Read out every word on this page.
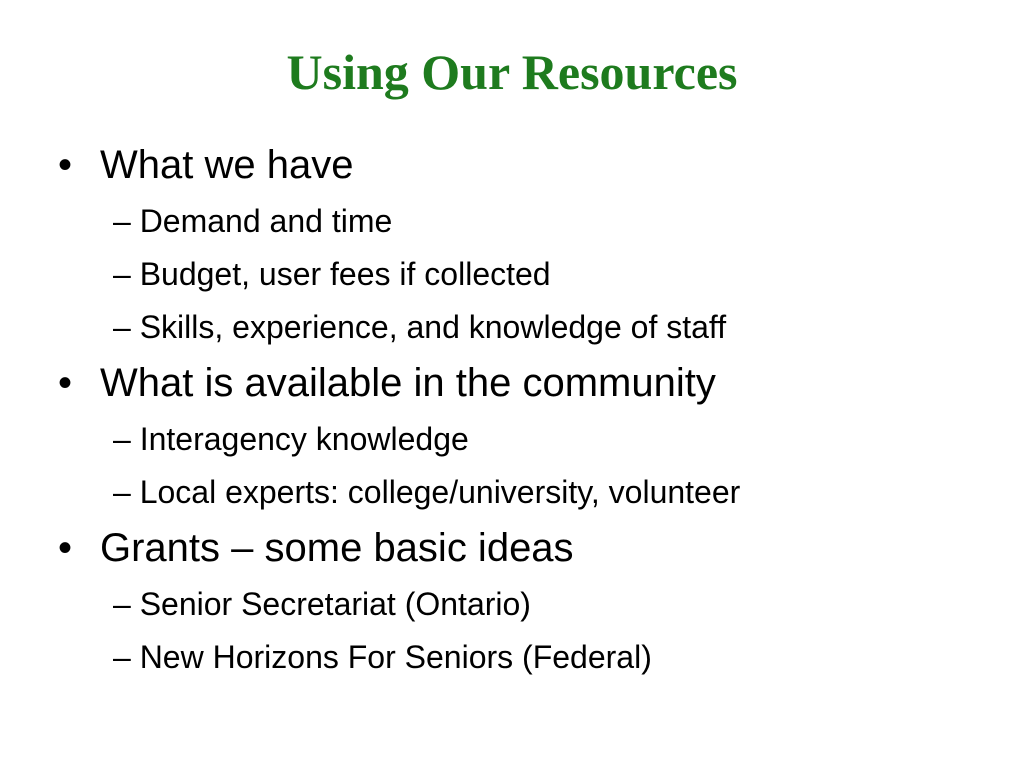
Using Our Resources
• What we have
– Demand and time
– Budget, user fees if collected
– Skills, experience, and knowledge of staff
• What is available in the community
– Interagency knowledge
– Local experts: college/university, volunteer
• Grants – some basic ideas
– Senior Secretariat (Ontario)
– New Horizons For Seniors (Federal)
